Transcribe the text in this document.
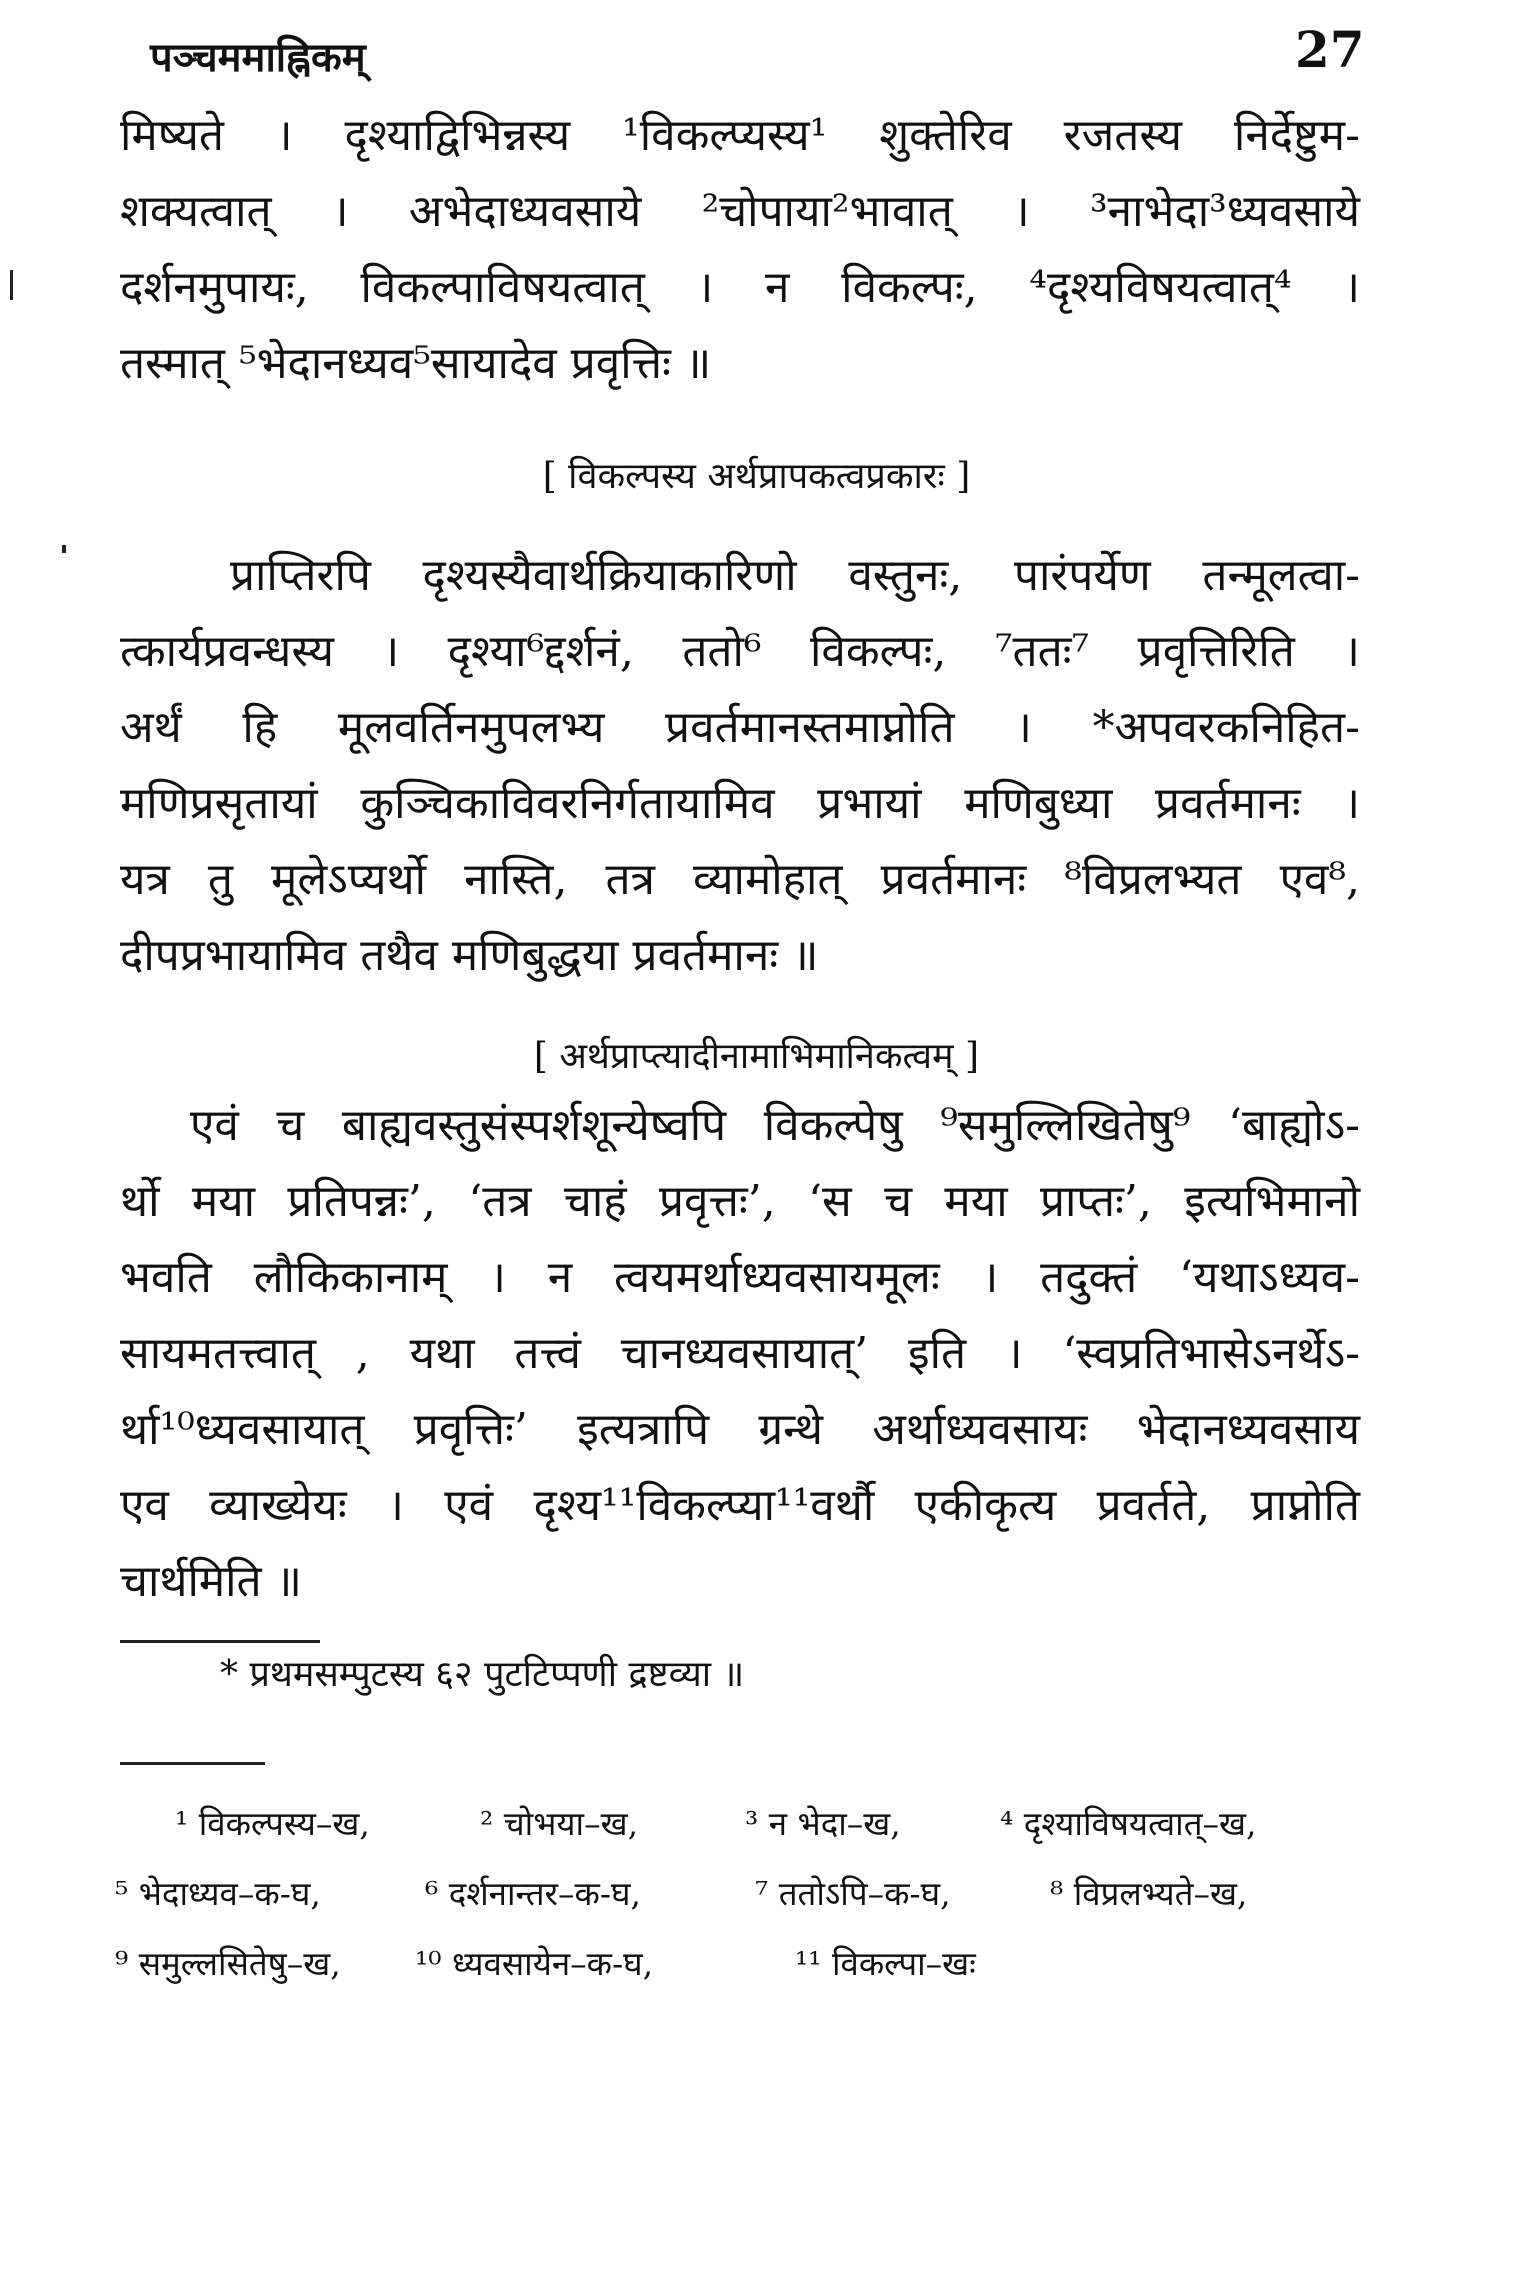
पञ्चममाह्निकम्	27
मिष्यते । दृश्याद्विभिन्नस्य ¹विकल्प्यस्य¹ शुक्तेरिव रजतस्य निर्देष्टुम-
शक्यत्वात् । अभेदाध्यवसाये ²चोपाया²भावात् । ³नाभेदा³ध्यवसाये
दर्शनमुपायः, विकल्पाविषयत्वात् । न विकल्पः, ⁴दृश्यविषयत्वात्⁴ ।
तस्मात् ⁵भेदानध्यव⁵सायादेव प्रवृत्तिः ॥
[ विकल्पस्य अर्थप्रापकत्वप्रकारः ]
प्राप्तिरपि दृश्यस्यैवार्थक्रियाकारिणो वस्तुनः, पारंपर्येण तन्मूलत्वा-
त्कार्यप्रवन्धस्य । दृश्या⁶द्दर्शनं, ततो⁶ विकल्पः, ⁷ततः⁷ प्रवृत्तिरिति ।
अर्थं हि मूलवर्तिनमुपलभ्य प्रवर्तमानस्तमाप्नोति । *अपवरकनिहित-
मणिप्रसृतायां कुञ्चिकाविवरनिर्गतायामिव प्रभायां मणिबुध्या प्रवर्तमानः ।
यत्र तु मूलेऽप्यर्थो नास्ति, तत्र व्यामोहात् प्रवर्तमानः ⁸विप्रलभ्यत एव⁸,
दीपप्रभायामिव तथैव मणिबुद्धया प्रवर्तमानः ॥
[ अर्थप्राप्त्यादीनामाभिमानिकत्वम् ]
एवं च बाह्यवस्तुसंस्पर्शशून्येष्वपि विकल्पेषु ⁹समुल्लिखितेषु⁹ ‘बाह्योऽ-
र्थो मया प्रतिपन्नः’, ‘तत्र चाहं प्रवृत्तः’, ‘स च मया प्राप्तः’, इत्यभिमानो
भवति लौकिकानाम् । न त्वयमर्थाध्यवसायमूलः । तदुक्तं ‘यथाऽध्यव-
सायमतत्त्वात् , यथा तत्त्वं चानध्यवसायात्’ इति । ‘स्वप्रतिभासेऽनर्थेऽ-
र्था¹⁰ध्यवसायात् प्रवृत्तिः’ इत्यत्रापि ग्रन्थे अर्थाध्यवसायः भेदानध्यवसाय
एव व्याख्येयः । एवं दृश्य¹¹विकल्प्या¹¹वर्थौ एकीकृत्य प्रवर्तते, प्राप्नोति
चार्थमिति ॥
* प्रथमसम्पुटस्य ६२ पुटटिप्पणी द्रष्टव्या ॥
¹ विकल्पस्य–ख,	² चोभया–ख,	³ न भेदा–ख,	⁴ दृश्याविषयत्वात्–ख,
⁵ भेदाध्यव–क-घ,	⁶ दर्शनान्तर–क-घ,	⁷ ततोऽपि–क-घ,	⁸ विप्रलभ्यते–ख,
⁹ समुल्लसितेषु–ख, ¹⁰ ध्यवसायेन–क-घ,	¹¹ विकल्पा–खः
